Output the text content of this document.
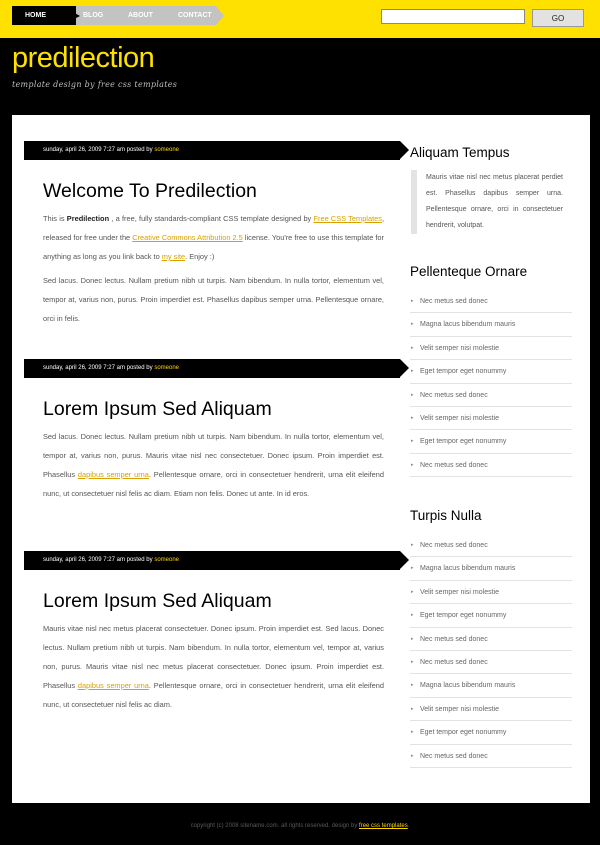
HOME	BLOG	ABOUT	CONTACT	GO
predilection
template design by free css templates
sunday, april 26, 2009 7:27 am posted by someone
Welcome To Predilection

This is Predilection , a free, fully standards-compliant CSS template designed by Free CSS Templates, released for free under the Creative Commons Attribution 2.5 license. You're free to use this template for anything as long as you link back to my site. Enjoy :)

Sed lacus. Donec lectus. Nullam pretium nibh ut turpis. Nam bibendum. In nulla tortor, elementum vel, tempor at, varius non, purus. Proin imperdiet est. Phasellus dapibus semper urna. Pellentesque ornare, orci in felis.

sunday, april 26, 2009 7:27 am posted by someone
Lorem Ipsum Sed Aliquam

Sed lacus. Donec lectus. Nullam pretium nibh ut turpis. Nam bibendum. In nulla tortor, elementum vel, tempor at, varius non, purus. Mauris vitae nisl nec consectetuer. Donec ipsum. Proin imperdiet est. Phasellus dapibus semper urna. Pellentesque ornare, orci in consectetuer hendrerit, urna elit eleifend nunc, ut consectetuer nisl felis ac diam. Etiam non felis. Donec ut ante. In id eros.

sunday, april 26, 2009 7:27 am posted by someone
Lorem Ipsum Sed Aliquam

Mauris vitae nisl nec metus placerat consectetuer. Donec ipsum. Proin imperdiet est. Sed lacus. Donec lectus. Nullam pretium nibh ut turpis. Nam bibendum. In nulla tortor, elementum vel, tempor at, varius non, purus. Mauris vitae nisl nec metus placerat consectetuer. Donec ipsum. Proin imperdiet est. Phasellus dapibus semper urna. Pellentesque ornare, orci in consectetuer hendrerit, urna elit eleifend nunc, ut consectetuer nisl felis ac diam.

Aliquam Tempus
Mauris vitae nisl nec metus placerat perdiet est. Phasellus dapibus semper urna. Pellentesque ornare, orci in consectetuer hendrerit, volutpat.
Pellenteque Ornare
▸ Nec metus sed donec
▸ Magna lacus bibendum mauris
▸ Velit semper nisi molestie
▸ Eget tempor eget nonummy
▸ Nec metus sed donec
▸ Velit semper nisi molestie
▸ Eget tempor eget nonummy
▸ Nec metus sed donec
Turpis Nulla
▸ Nec metus sed donec
▸ Magna lacus bibendum mauris
▸ Velit semper nisi molestie
▸ Eget tempor eget nonummy
▸ Nec metus sed donec
▸ Nec metus sed donec
▸ Magna lacus bibendum mauris
▸ Velit semper nisi molestie
▸ Eget tempor eget nonummy
▸ Nec metus sed donec
copyright (c) 2008 sitename.com. all rights reserved. design by free css templates.
